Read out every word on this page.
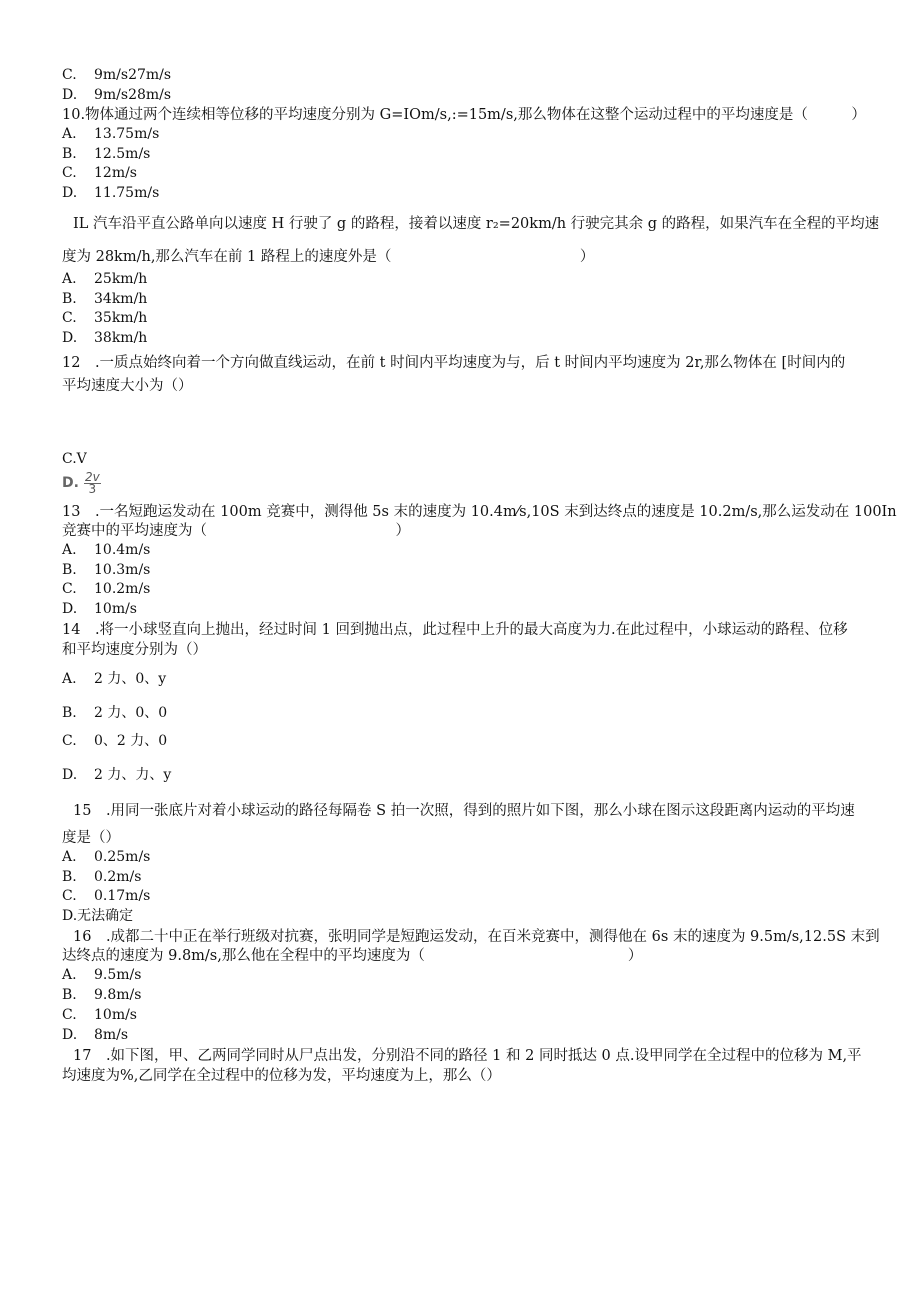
C. 9m/s27m/s
D. 9m/s28m/s
10.物体通过两个连续相等位移的平均速度分别为 G=IOm/s,:=15m/s,那么物体在这整个运动过程中的平均速度是（　　　）
A. 13.75m/s
B. 12.5m/s
C. 12m/s
D. 11.75m/s
IL 汽车沿平直公路单向以速度 H 行驶了 g 的路程，接着以速度 r₂=20km/h 行驶完其余 g 的路程，如果汽车在全程的平均速
度为 28km/h,那么汽车在前 1 路程上的速度外是（　　　　　　　　　　　　　）
A. 25km/h
B. 34km/h
C. 35km/h
D. 38km/h
12　.一质点始终向着一个方向做直线运动，在前 t 时间内平均速度为与，后 t 时间内平均速度为 2r,那么物体在 [时间内的
平均速度大小为（）
C.V
D. $\frac{2v}{3}$
13　.一名短跑运发动在 100m 竞赛中，测得他 5s 末的速度为 10.4m⁄s,10S 末到达终点的速度是 10.2m/s,那么运发动在 100In
竞赛中的平均速度为（　　　　　　　　　　　　　）
A. 10.4m/s
B. 10.3m/s
C. 10.2m/s
D. 10m/s
14　.将一小球竖直向上抛出，经过时间 1 回到抛出点，此过程中上升的最大高度为力.在此过程中，小球运动的路程、位移
和平均速度分别为（）
A. 2 力、0、y
B. 2 力、0、0
C. 0、2 力、0
D. 2 力、力、y
15　.用同一张底片对着小球运动的路径每隔卷 S 拍一次照，得到的照片如下图，那么小球在图示这段距离内运动的平均速
度是（）
A. 0.25m/s
B. 0.2m/s
C. 0.17m/s
D.无法确定
16　.成都二十中正在举行班级对抗赛，张明同学是短跑运发动，在百米竞赛中，测得他在 6s 末的速度为 9.5m/s,12.5S 末到
达终点的速度为 9.8m/s,那么他在全程中的平均速度为（　　　　　　　　　　　　　　）
A. 9.5m/s
B. 9.8m/s
C. 10m/s
D. 8m/s
17　.如下图，甲、乙两同学同时从尸点出发，分别沿不同的路径 1 和 2 同时抵达 0 点.设甲同学在全过程中的位移为 M,平
均速度为%,乙同学在全过程中的位移为发，平均速度为上，那么（）
